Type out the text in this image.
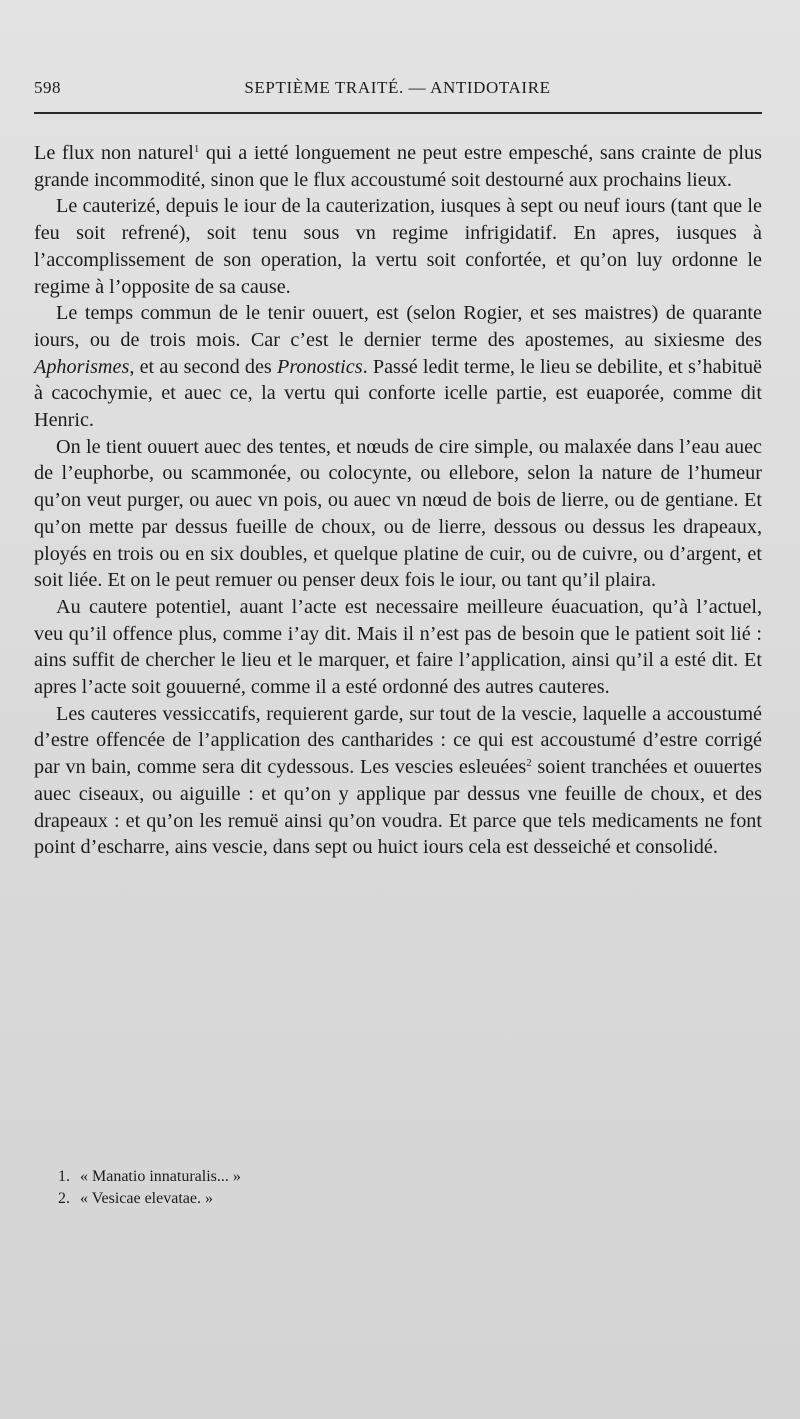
598	SEPTIÈME TRAITÉ. — ANTIDOTAIRE

Le flux non naturel$^1$ qui a ietté longuement ne peut estre empesché, sans crainte de plus grande incommodité, sinon que le flux accoustumé soit destourné aux prochains lieux.

Le cauterizé, depuis le iour de la cauterization, iusques à sept ou neuf iours (tant que le feu soit refrené), soit tenu sous vn regime infrigidatif. En apres, iusques à l’accomplissement de son operation, la vertu soit confortée, et qu’on luy ordonne le regime à l’opposite de sa cause.

Le temps commun de le tenir ouuert, est (selon Rogier, et ses maistres) de quarante iours, ou de trois mois. Car c’est le dernier terme des apostemes, au sixiesme des Aphorismes, et au second des Pronostics. Passé ledit terme, le lieu se debilite, et s’habituë à cacochymie, et auec ce, la vertu qui conforte icelle partie, est euaporée, comme dit Henric.

On le tient ouuert auec des tentes, et nœuds de cire simple, ou malaxée dans l’eau auec de l’euphorbe, ou scammonée, ou colocynte, ou ellebore, selon la nature de l’humeur qu’on veut purger, ou auec vn pois, ou auec vn nœud de bois de lierre, ou de gentiane. Et qu’on mette par dessus fueille de choux, ou de lierre, dessous ou dessus les drapeaux, ployés en trois ou en six doubles, et quelque platine de cuir, ou de cuivre, ou d’argent, et soit liée. Et on le peut remuer ou penser deux fois le iour, ou tant qu’il plaira.

Au cautere potentiel, auant l’acte est necessaire meilleure éuacuation, qu’à l’actuel, veu qu’il offence plus, comme i’ay dit. Mais il n’est pas de besoin que le patient soit lié : ains suffit de chercher le lieu et le marquer, et faire l’application, ainsi qu’il a esté dit. Et apres l’acte soit gouuerné, comme il a esté ordonné des autres cauteres.

Les cauteres vessiccatifs, requierent garde, sur tout de la vescie, laquelle a accoustumé d’estre offencée de l’application des cantharides : ce qui est accoustumé d’estre corrigé par vn bain, comme sera dit cydessous. Les vescies esleuées$^2$ soient tranchées et ouuertes auec ciseaux, ou aiguille : et qu’on y applique par dessus vne feuille de choux, et des drapeaux : et qu’on les remuë ainsi qu’on voudra. Et parce que tels medicaments ne font point d’escharre, ains vescie, dans sept ou huict iours cela est desseiché et consolidé.

1. « Manatio innaturalis... »
2. « Vesicae elevatae. »
